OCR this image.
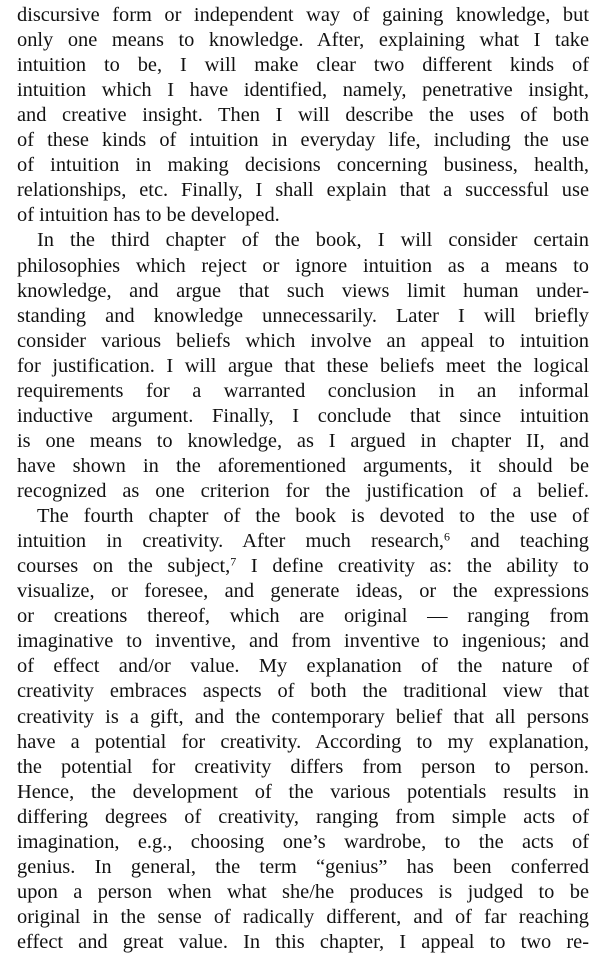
discursive form or independent way of gaining knowledge, but
only one means to knowledge. After, explaining what I take
intuition to be, I will make clear two different kinds of
intuition which I have identified, namely, penetrative insight,
and creative insight. Then I will describe the uses of both
of these kinds of intuition in everyday life, including the use
of intuition in making decisions concerning business, health,
relationships, etc. Finally, I shall explain that a successful use
of intuition has to be developed.
In the third chapter of the book, I will consider certain
philosophies which reject or ignore intuition as a means to
knowledge, and argue that such views limit human under-
standing and knowledge unnecessarily. Later I will briefly
consider various beliefs which involve an appeal to intuition
for justification. I will argue that these beliefs meet the logical
requirements for a warranted conclusion in an informal
inductive argument. Finally, I conclude that since intuition
is one means to knowledge, as I argued in chapter II, and
have shown in the aforementioned arguments, it should be
recognized as one criterion for the justification of a belief.
The fourth chapter of the book is devoted to the use of
intuition in creativity. After much research,$^6$ and teaching
courses on the subject,$^7$ I define creativity as: the ability to
visualize, or foresee, and generate ideas, or the expressions
or creations thereof, which are original — ranging from
imaginative to inventive, and from inventive to ingenious; and
of effect and/or value. My explanation of the nature of
creativity embraces aspects of both the traditional view that
creativity is a gift, and the contemporary belief that all persons
have a potential for creativity. According to my explanation,
the potential for creativity differs from person to person.
Hence, the development of the various potentials results in
differing degrees of creativity, ranging from simple acts of
imagination, e.g., choosing one’s wardrobe, to the acts of
genius. In general, the term “genius” has been conferred
upon a person when what she/he produces is judged to be
original in the sense of radically different, and of far reaching
effect and great value. In this chapter, I appeal to two re-
